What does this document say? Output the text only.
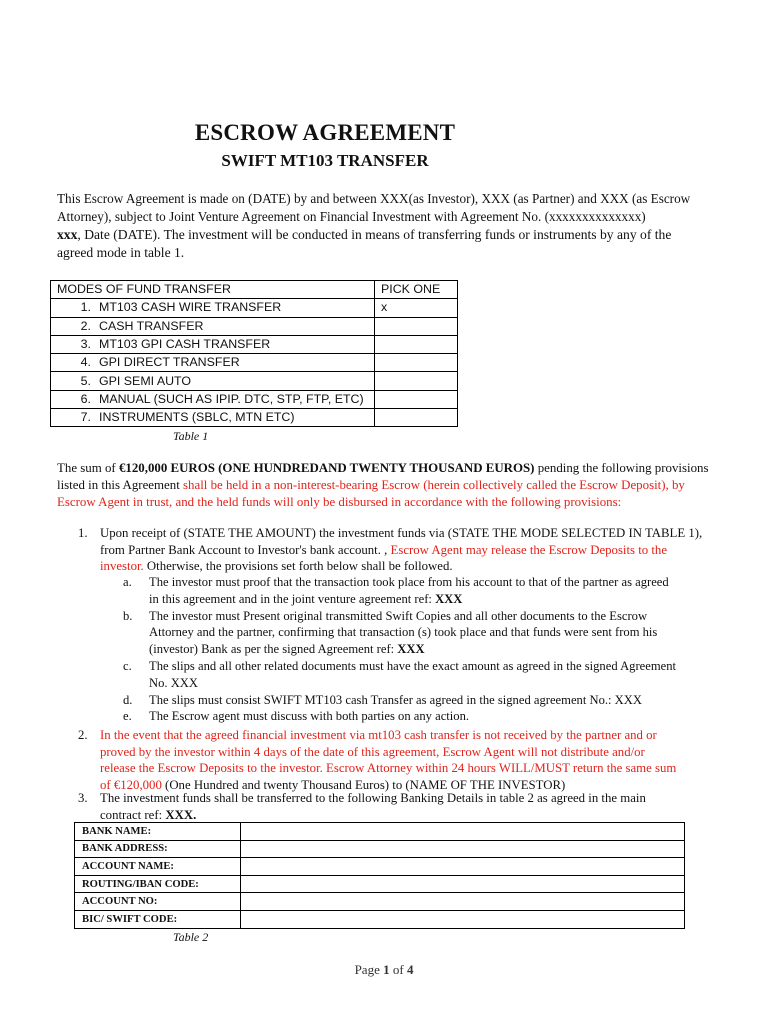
ESCROW AGREEMENT
SWIFT MT103 TRANSFER
This Escrow Agreement is made on (DATE) by and between XXX(as Investor), XXX (as Partner) and XXX (as Escrow
Attorney), subject to Joint Venture Agreement on Financial Investment with Agreement No. (xxxxxxxxxxxxxx)
xxx, Date (DATE). The investment will be conducted in means of transferring funds or instruments by any of the
agreed mode in table 1.
MODES OF FUND TRANSFER	PICK ONE
1. MT103 CASH WIRE TRANSFER	x
2. CASH TRANSFER	
3. MT103 GPI CASH TRANSFER	
4. GPI DIRECT TRANSFER	
5. GPI SEMI AUTO	
6. MANUAL (SUCH AS IPIP. DTC, STP, FTP, ETC)	
7. INSTRUMENTS (SBLC, MTN ETC)	
Table 1
The sum of €120,000 EUROS (ONE HUNDREDAND TWENTY THOUSAND EUROS) pending the following provisions
listed in this Agreement shall be held in a non-interest-bearing Escrow (herein collectively called the Escrow Deposit), by
Escrow Agent in trust, and the held funds will only be disbursed in accordance with the following provisions:
1. Upon receipt of (STATE THE AMOUNT) the investment funds via (STATE THE MODE SELECTED IN TABLE 1),
from Partner Bank Account to Investor's bank account. , Escrow Agent may release the Escrow Deposits to the
investor. Otherwise, the provisions set forth below shall be followed.
a. The investor must proof that the transaction took place from his account to that of the partner as agreed
in this agreement and in the joint venture agreement ref: XXX
b. The investor must Present original transmitted Swift Copies and all other documents to the Escrow
Attorney and the partner, confirming that transaction (s) took place and that funds were sent from his
(investor) Bank as per the signed Agreement ref: XXX
c. The slips and all other related documents must have the exact amount as agreed in the signed Agreement
No. XXX
d. The slips must consist SWIFT MT103 cash Transfer as agreed in the signed agreement No.: XXX
e. The Escrow agent must discuss with both parties on any action.
2. In the event that the agreed financial investment via mt103 cash transfer is not received by the partner and or
proved by the investor within 4 days of the date of this agreement, Escrow Agent will not distribute and/or
release the Escrow Deposits to the investor. Escrow Attorney within 24 hours WILL/MUST return the same sum
of €120,000 (One Hundred and twenty Thousand Euros) to (NAME OF THE INVESTOR)
3. The investment funds shall be transferred to the following Banking Details in table 2 as agreed in the main
contract ref: XXX.
BANK NAME:	
BANK ADDRESS:	
ACCOUNT NAME:	
ROUTING/IBAN CODE:	
ACCOUNT NO:	
BIC/ SWIFT CODE:	
Table 2
Page 1 of 4
